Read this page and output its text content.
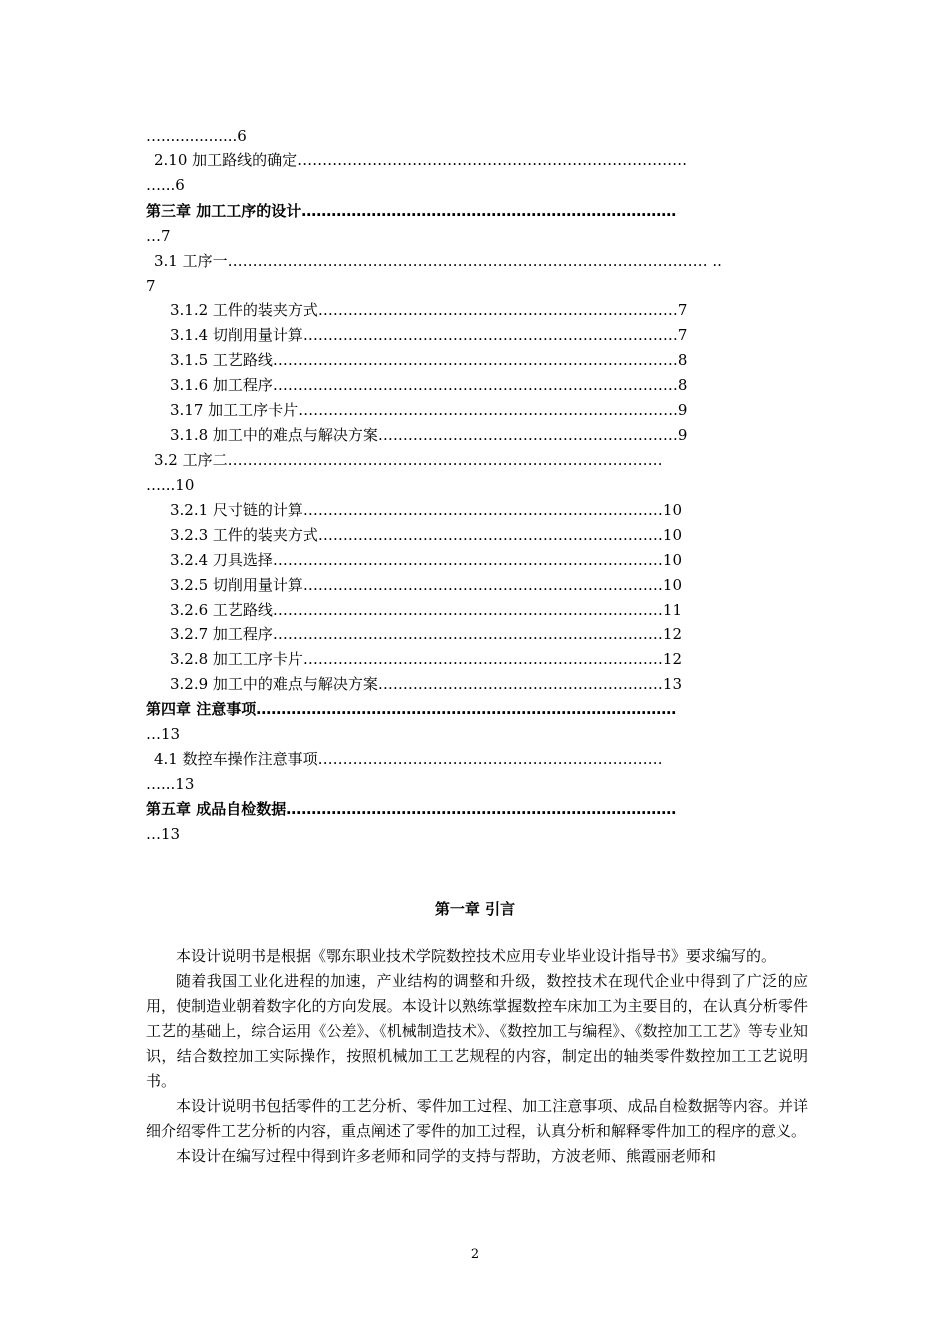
…................6
2.10 加工路线的确定……………………………………………………………………
…...6
第三章 加工工序的设计…………………………………………………………………
…7
3.1 工序一…………………………………………………………………………………… ..
7
3.1.2 工件的装夹方式………………………………………………………………7
3.1.4 切削用量计算…………………………………………………………………7
3.1.5 工艺路线………………………………………………………………………8
3.1.6 加工程序………………………………………………………………………8
3.17 加工工序卡片………………………………………………………………….9
3.1.8 加工中的难点与解决方案……………………………………………………9
3.2 工序二……………………………………………………………………………
…...10
3.2.1 尺寸链的计算………………………………………………………………10
3.2.3 工件的装夹方式……………………………………………………………10
3.2.4 刀具选择……………………………………………………………………10
3.2.5 切削用量计算………………………………………………………………10
3.2.6 工艺路线……………………………………………………………………11
3.2.7 加工程序……………………………………………………………………12
3.2.8 加工工序卡片………………………………………………………………12
3.2.9 加工中的难点与解决方案…………………………………………………13
第四章 注意事项…………………………………………………………………………
…13
4.1 数控车操作注意事项……………………………………………………………
…...13
第五章 成品自检数据……………………………………………………………………
…13
第一章 引言

本设计说明书是根据《鄂东职业技术学院数控技术应用专业毕业设计指导书》要求编写的。

随着我国工业化进程的加速，产业结构的调整和升级，数控技术在现代企业中得到了广泛的应用，使制造业朝着数字化的方向发展。本设计以熟练掌握数控车床加工为主要目的，在认真分析零件工艺的基础上，综合运用《公差》、《机械制造技术》、《数控加工与编程》、《数控加工工艺》等专业知识，结合数控加工实际操作，按照机械加工工艺规程的内容，制定出的轴类零件数控加工工艺说明书。

本设计说明书包括零件的工艺分析、零件加工过程、加工注意事项、成品自检数据等内容。并详细介绍零件工艺分析的内容，重点阐述了零件的加工过程，认真分析和解释零件加工的程序的意义。

本设计在编写过程中得到许多老师和同学的支持与帮助，方波老师、熊霞丽老师和

2
